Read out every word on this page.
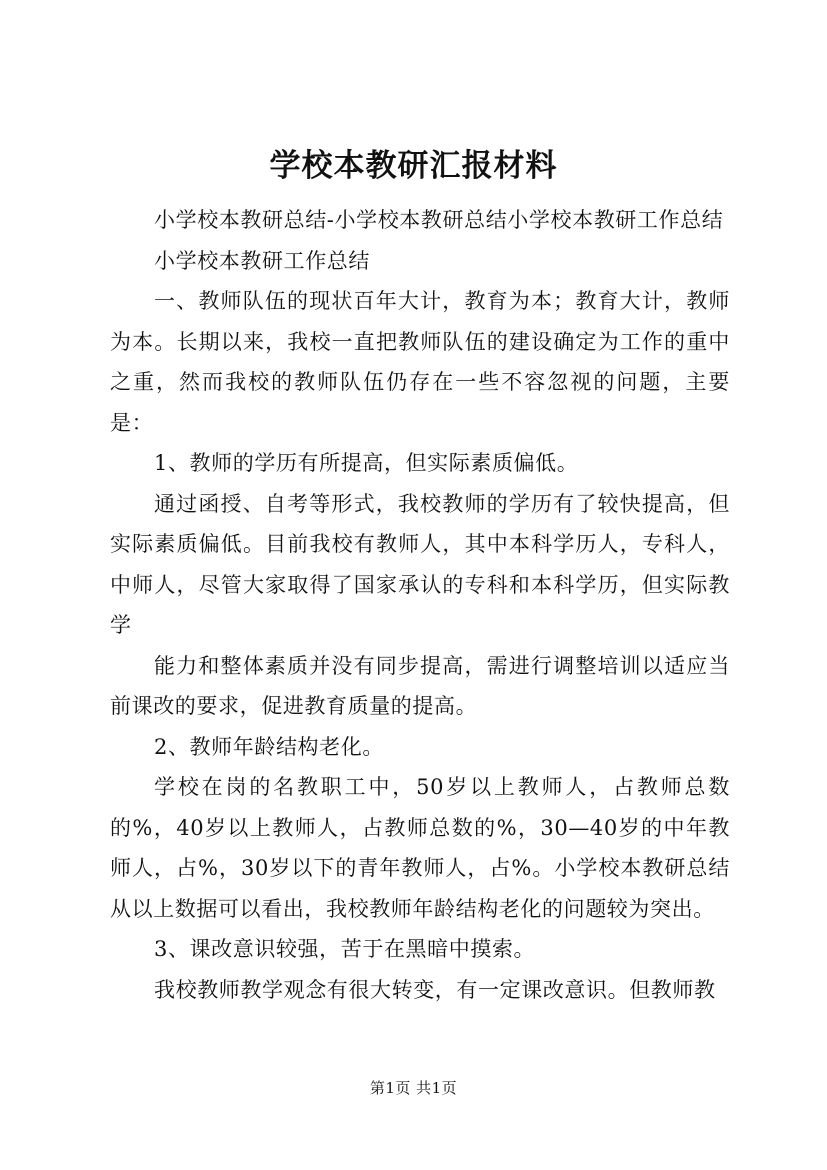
学校本教研汇报材料

小学校本教研总结-小学校本教研总结小学校本教研工作总结

小学校本教研工作总结

一、教师队伍的现状百年大计，教育为本；教育大计，教师为本。长期以来，我校一直把教师队伍的建设确定为工作的重中之重，然而我校的教师队伍仍存在一些不容忽视的问题，主要是：

1、教师的学历有所提高，但实际素质偏低。

通过函授、自考等形式，我校教师的学历有了较快提高，但实际素质偏低。目前我校有教师人，其中本科学历人，专科人，中师人，尽管大家取得了国家承认的专科和本科学历，但实际教学

能力和整体素质并没有同步提高，需进行调整培训以适应当前课改的要求，促进教育质量的提高。

2、教师年龄结构老化。

学校在岗的名教职工中，50岁以上教师人，占教师总数的%，40岁以上教师人，占教师总数的%，30—40岁的中年教师人，占%，30岁以下的青年教师人，占%。小学校本教研总结从以上数据可以看出，我校教师年龄结构老化的问题较为突出。

3、课改意识较强，苦于在黑暗中摸索。

我校教师教学观念有很大转变，有一定课改意识。但教师教

第1页 共1页
